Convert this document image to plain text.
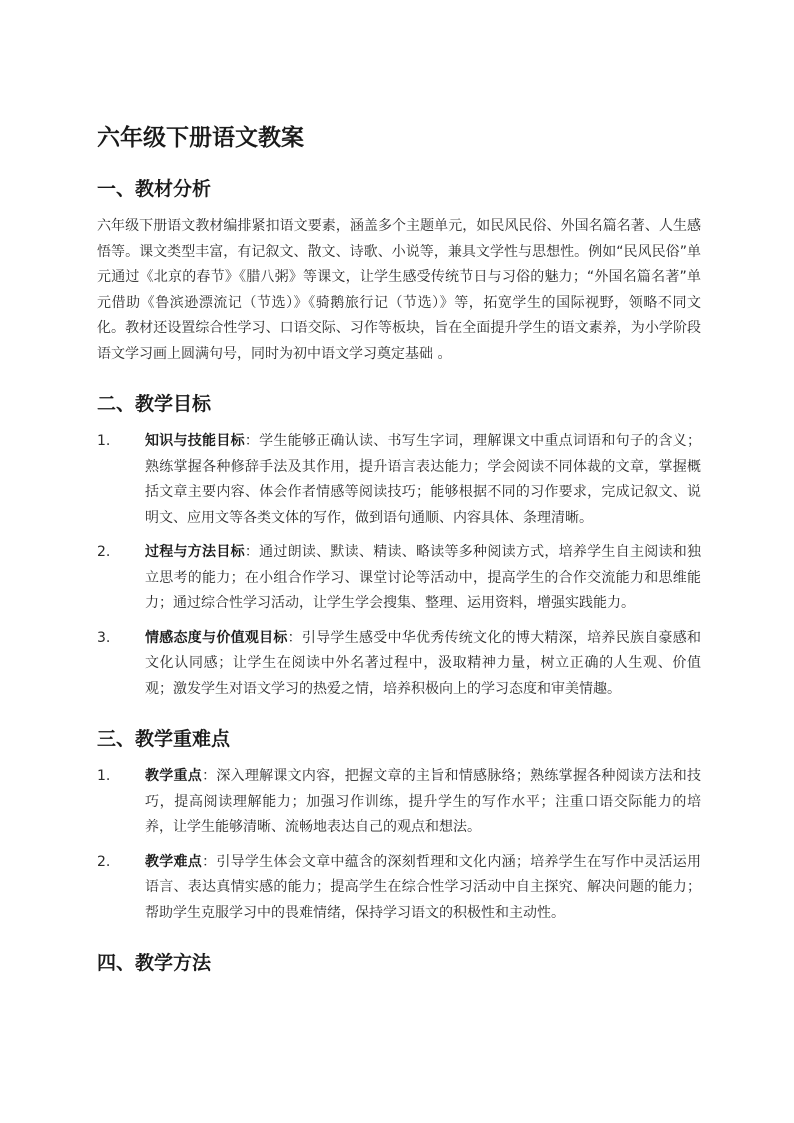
六年级下册语文教案
一、教材分析

六年级下册语文教材编排紧扣语文要素，涵盖多个主题单元，如民风民俗、外国名篇名著、人生感悟等。课文类型丰富，有记叙文、散文、诗歌、小说等，兼具文学性与思想性。例如“民风民俗”单元通过《北京的春节》《腊八粥》等课文，让学生感受传统节日与习俗的魅力；“外国名篇名著”单元借助《鲁滨逊漂流记（节选）》《骑鹅旅行记（节选）》等，拓宽学生的国际视野，领略不同文化。教材还设置综合性学习、口语交际、习作等板块，旨在全面提升学生的语文素养，为小学阶段语文学习画上圆满句号，同时为初中语文学习奠定基础 。

二、教学目标
1.	知识与技能目标：学生能够正确认读、书写生字词，理解课文中重点词语和句子的含义；熟练掌握各种修辞手法及其作用，提升语言表达能力；学会阅读不同体裁的文章，掌握概括文章主要内容、体会作者情感等阅读技巧；能够根据不同的习作要求，完成记叙文、说明文、应用文等各类文体的写作，做到语句通顺、内容具体、条理清晰。
2.	过程与方法目标：通过朗读、默读、精读、略读等多种阅读方式，培养学生自主阅读和独立思考的能力；在小组合作学习、课堂讨论等活动中，提高学生的合作交流能力和思维能力；通过综合性学习活动，让学生学会搜集、整理、运用资料，增强实践能力。
3.	情感态度与价值观目标：引导学生感受中华优秀传统文化的博大精深，培养民族自豪感和文化认同感；让学生在阅读中外名著过程中，汲取精神力量，树立正确的人生观、价值观；激发学生对语文学习的热爱之情，培养积极向上的学习态度和审美情趣。
三、教学重难点
1.	教学重点：深入理解课文内容，把握文章的主旨和情感脉络；熟练掌握各种阅读方法和技巧，提高阅读理解能力；加强习作训练，提升学生的写作水平；注重口语交际能力的培养，让学生能够清晰、流畅地表达自己的观点和想法。
2.	教学难点：引导学生体会文章中蕴含的深刻哲理和文化内涵；培养学生在写作中灵活运用语言、表达真情实感的能力；提高学生在综合性学习活动中自主探究、解决问题的能力；帮助学生克服学习中的畏难情绪，保持学习语文的积极性和主动性。
四、教学方法
